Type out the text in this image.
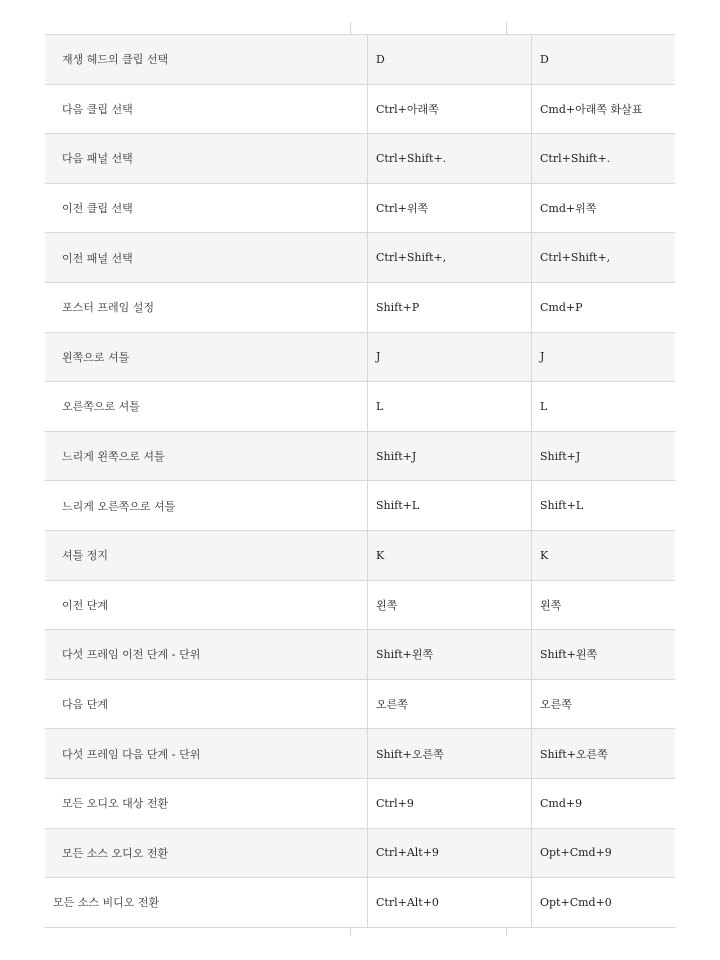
재생 헤드의 클립 선택	D	D
다음 클립 선택	Ctrl+아래쪽	Cmd+아래쪽 화살표
다음 패널 선택	Ctrl+Shift+.	Ctrl+Shift+.
이전 클립 선택	Ctrl+위쪽	Cmd+위쪽
이전 패널 선택	Ctrl+Shift+,	Ctrl+Shift+,
포스터 프레임 설정	Shift+P	Cmd+P
왼쪽으로 셔틀	J	J
오른쪽으로 셔틀	L	L
느리게 왼쪽으로 셔틀	Shift+J	Shift+J
느리게 오른쪽으로 셔틀	Shift+L	Shift+L
셔틀 정지	K	K
이전 단계	왼쪽	왼쪽
다섯 프레임 이전 단계 - 단위	Shift+왼쪽	Shift+왼쪽
다음 단계	오른쪽	오른쪽
다섯 프레임 다음 단계 - 단위	Shift+오른쪽	Shift+오른쪽
모든 오디오 대상 전환	Ctrl+9	Cmd+9
모든 소스 오디오 전환	Ctrl+Alt+9	Opt+Cmd+9
모든 소스 비디오 전환	Ctrl+Alt+0	Opt+Cmd+0
